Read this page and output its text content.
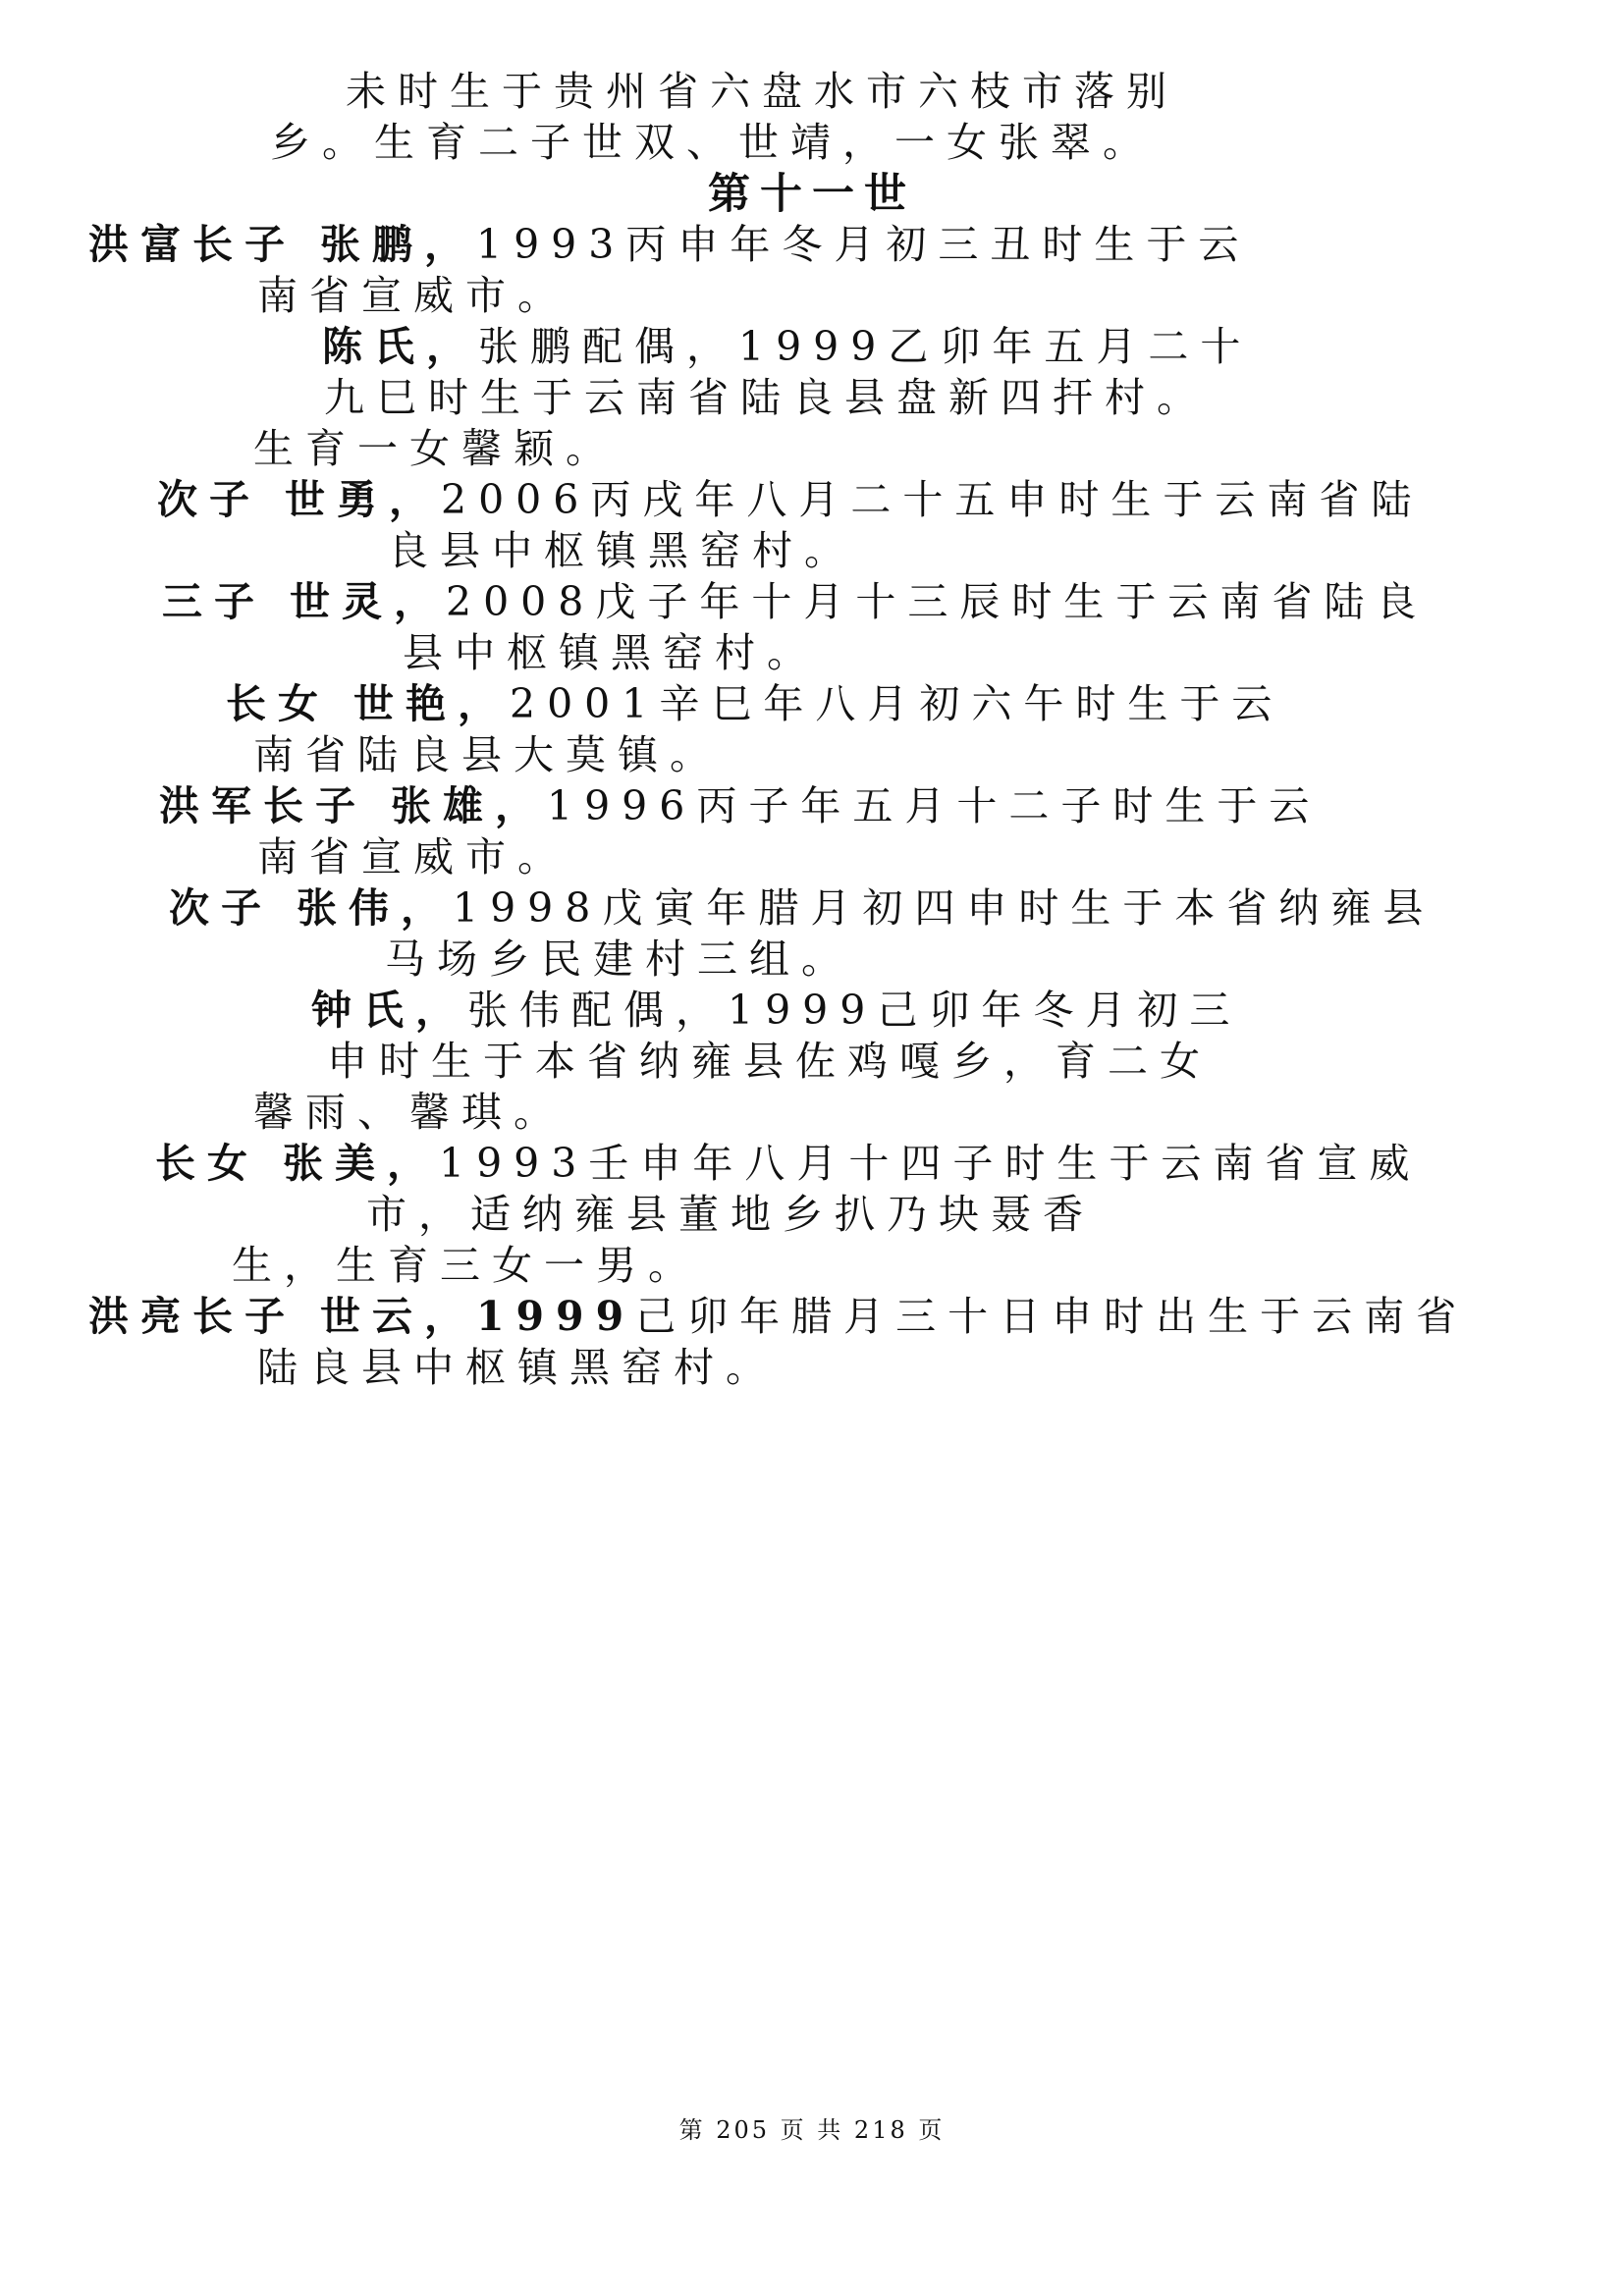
未时生于贵州省六盘水市六枝市落别
乡。生育二子世双、世靖，一女张翠。
第十一世
洪富长子 张鹏，1993丙申年冬月初三丑时生于云
南省宣威市。
陈氏，张鹏配偶，1999乙卯年五月二十
九巳时生于云南省陆良县盘新四扞村。
生育一女馨颖。
次子 世勇，2006丙戌年八月二十五申时生于云南省陆
良县中枢镇黑窑村。
三子 世灵，2008戊子年十月十三辰时生于云南省陆良
县中枢镇黑窑村。
长女 世艳，2001辛巳年八月初六午时生于云
南省陆良县大莫镇。
洪军长子 张雄，1996丙子年五月十二子时生于云
南省宣威市。
次子 张伟，1998戊寅年腊月初四申时生于本省纳雍县
马场乡民建村三组。
钟氏，张伟配偶，1999己卯年冬月初三
申时生于本省纳雍县佐鸡嘎乡，育二女
馨雨、馨琪。
长女 张美，1993壬申年八月十四子时生于云南省宣威
市，适纳雍县董地乡扒乃块聂香
生，生育三女一男。
洪亮长子 世云，1999己卯年腊月三十日申时出生于云南省
陆良县中枢镇黑窑村。
第 205 页 共 218 页
